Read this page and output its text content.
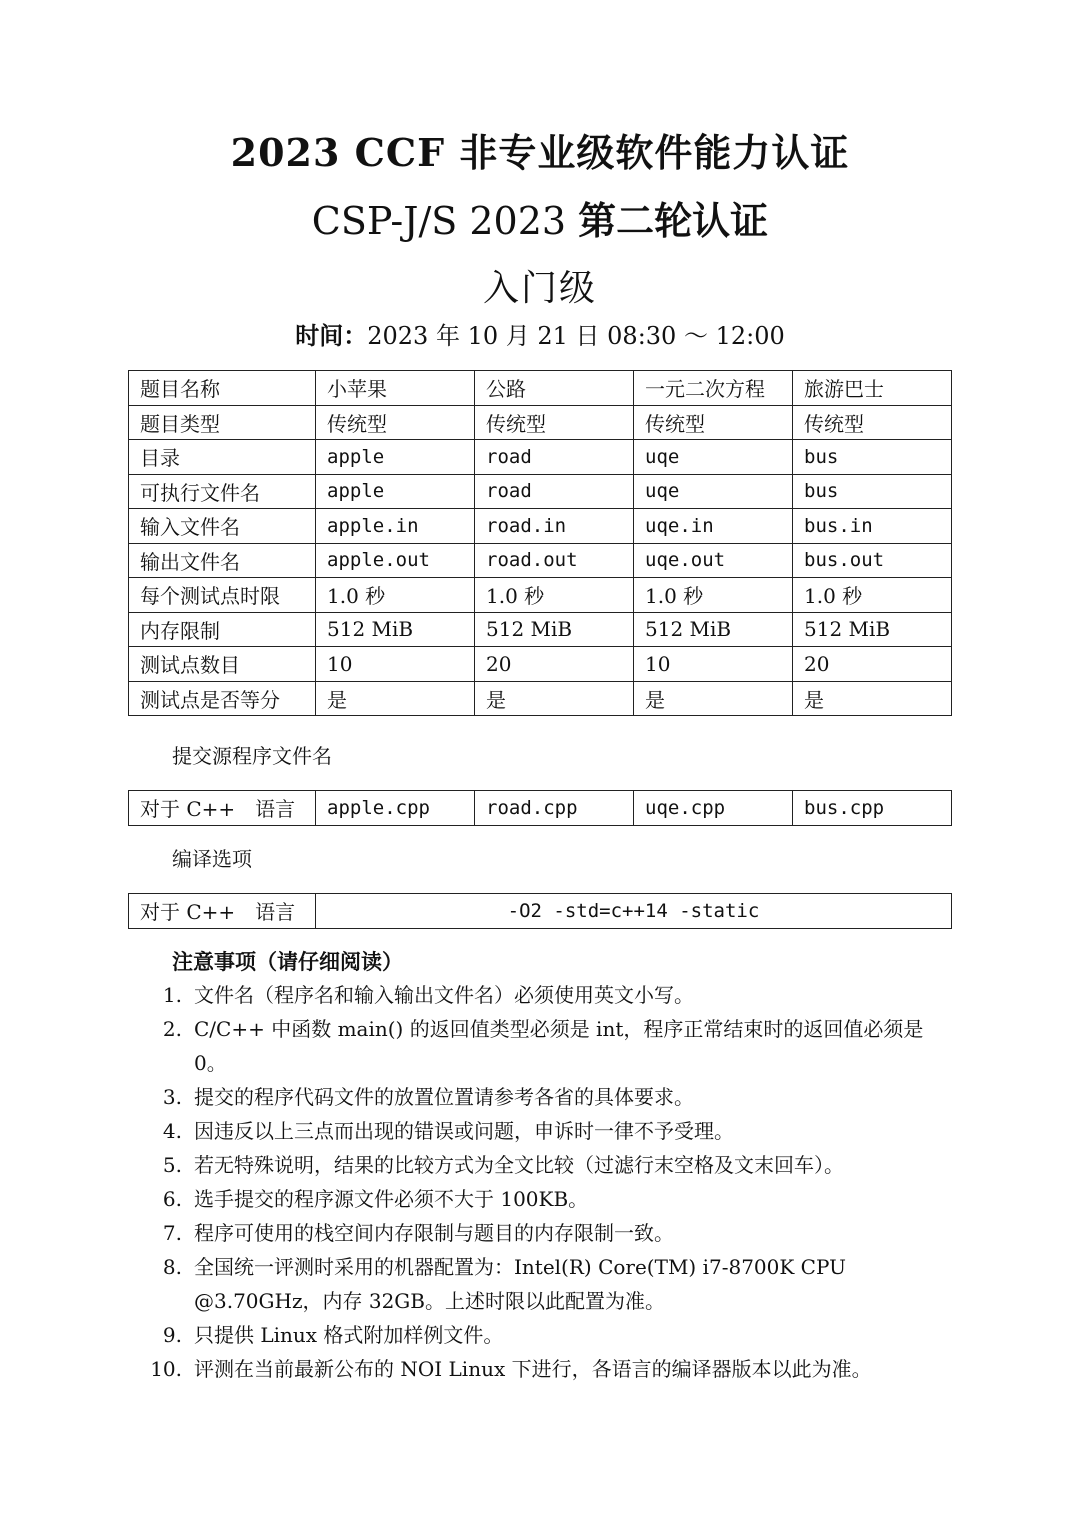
2023 CCF 非专业级软件能力认证
CSP-J/S 2023 第二轮认证
入门级
时间：2023 年 10 月 21 日 08:30 ～ 12:00
题目名称	小苹果	公路	一元二次方程	旅游巴士
题目类型	传统型	传统型	传统型	传统型
目录	apple	road	uqe	bus
可执行文件名	apple	road	uqe	bus
输入文件名	apple.in	road.in	uqe.in	bus.in
输出文件名	apple.out	road.out	uqe.out	bus.out
每个测试点时限	1.0 秒	1.0 秒	1.0 秒	1.0 秒
内存限制	512 MiB	512 MiB	512 MiB	512 MiB
测试点数目	10	20	10	20
测试点是否等分	是	是	是	是
提交源程序文件名
对于 C++　语言	apple.cpp	road.cpp	uqe.cpp	bus.cpp
编译选项
对于 C++　语言	-O2 -std=c++14 -static
注意事项（请仔细阅读）
1. 文件名（程序名和输入输出文件名）必须使用英文小写。
2. C/C++ 中函数 main() 的返回值类型必须是 int，程序正常结束时的返回值必须是 0。
3. 提交的程序代码文件的放置位置请参考各省的具体要求。
4. 因违反以上三点而出现的错误或问题，申诉时一律不予受理。
5. 若无特殊说明，结果的比较方式为全文比较（过滤行末空格及文末回车）。
6. 选手提交的程序源文件必须不大于 100KB。
7. 程序可使用的栈空间内存限制与题目的内存限制一致。
8. 全国统一评测时采用的机器配置为：Intel(R) Core(TM) i7-8700K CPU @3.70GHz，内存 32GB。上述时限以此配置为准。
9. 只提供 Linux 格式附加样例文件。
10. 评测在当前最新公布的 NOI Linux 下进行，各语言的编译器版本以此为准。
